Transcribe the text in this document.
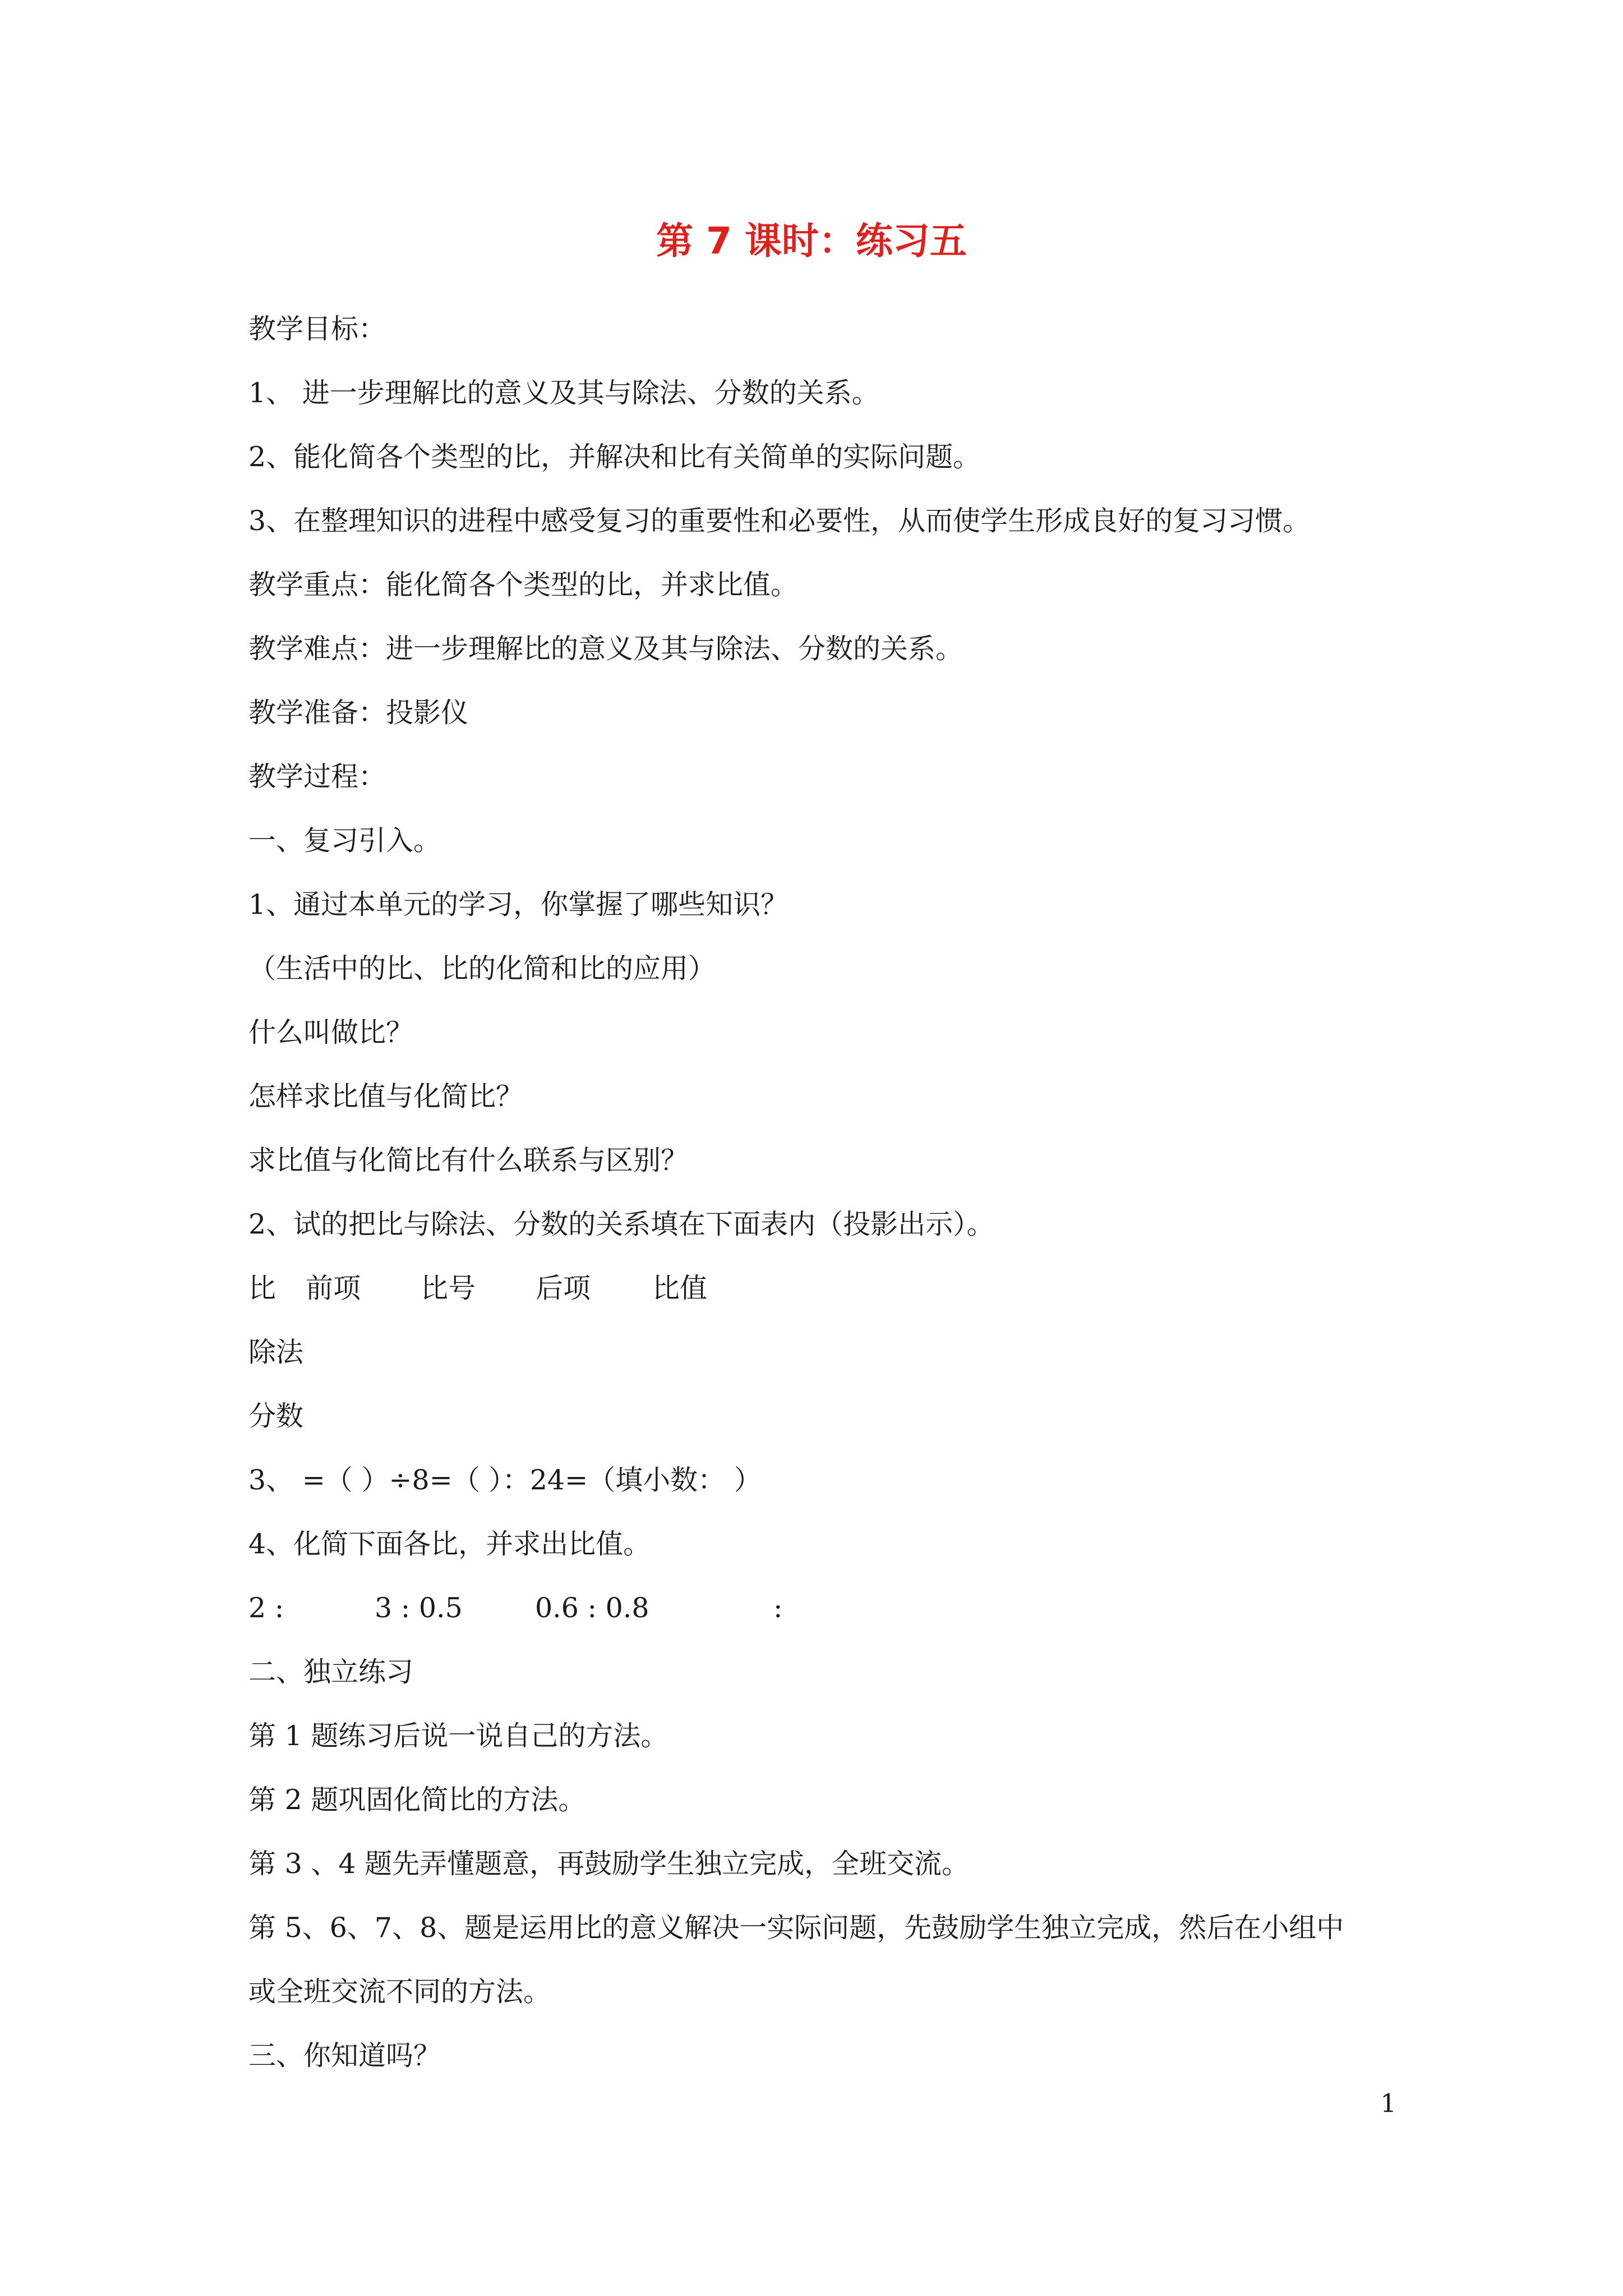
第 7 课时：练习五
教学目标：
1、 进一步理解比的意义及其与除法、分数的关系。
2、能化简各个类型的比，并解决和比有关简单的实际问题。
3、在整理知识的进程中感受复习的重要性和必要性，从而使学生形成良好的复习习惯。
教学重点：能化简各个类型的比，并求比值。
教学难点：进一步理解比的意义及其与除法、分数的关系。
教学准备：投影仪
教学过程：
一、复习引入。
1、通过本单元的学习，你掌握了哪些知识？
（生活中的比、比的化简和比的应用）
什么叫做比？
怎样求比值与化简比？
求比值与化简比有什么联系与区别？
2、试的把比与除法、分数的关系填在下面表内（投影出示）。
比	前项	比号	后项	比值
除法
分数
3、 =（ ）÷8=（ ）：24=（填小数： ）
4、化简下面各比，并求出比值。
2 :	3 : 0.5	0.6 : 0.8	:
二、独立练习
第 1 题练习后说一说自己的方法。
第 2 题巩固化简比的方法。
第 3 、4 题先弄懂题意，再鼓励学生独立完成，全班交流。
第 5、6、7、8、题是运用比的意义解决一实际问题，先鼓励学生独立完成，然后在小组中
或全班交流不同的方法。
三、你知道吗？
1
